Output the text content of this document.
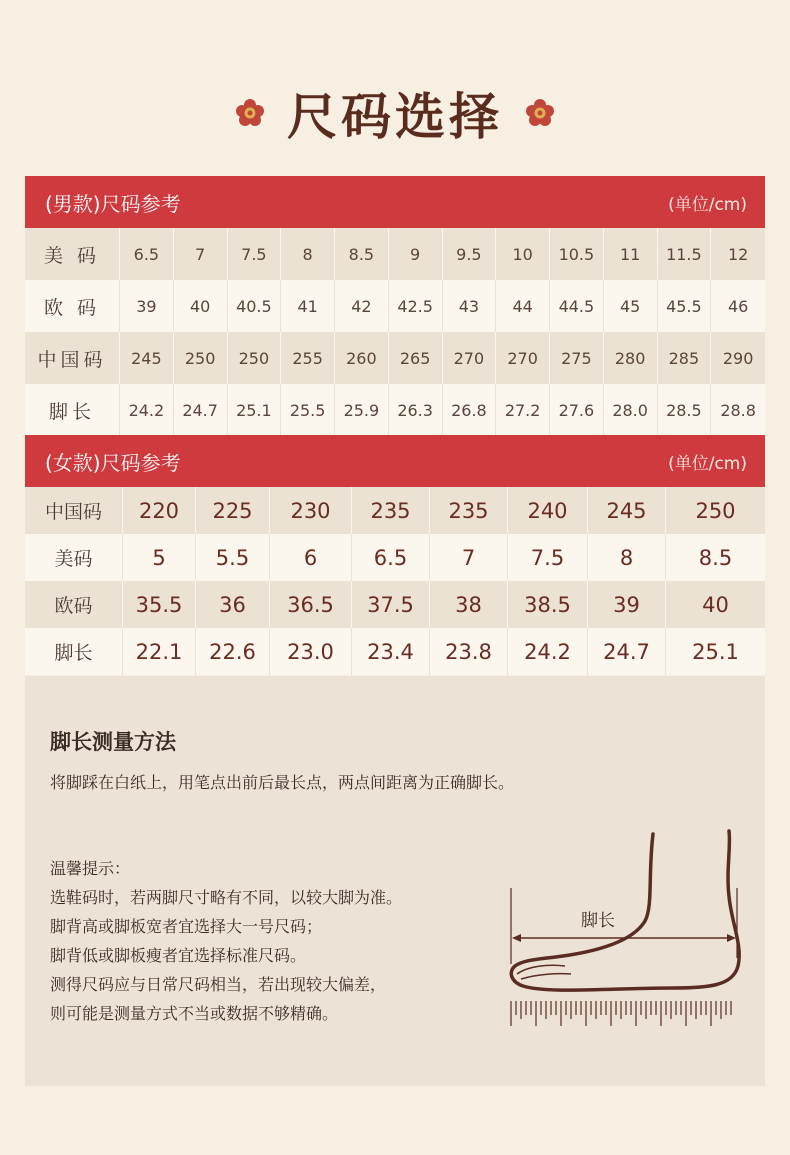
尺码选择
(男款)尺码参考	(单位/cm)
美 码	6.5	7	7.5	8	8.5	9	9.5	10	10.5	11	11.5	12
欧 码	39	40	40.5	41	42	42.5	43	44	44.5	45	45.5	46
中国码	245	250	250	255	260	265	270	270	275	280	285	290
脚长	24.2	24.7	25.1	25.5	25.9	26.3	26.8	27.2	27.6	28.0	28.5	28.8
(女款)尺码参考	(单位/cm)
中国码	220	225	230	235	235	240	245	250
美码	5	5.5	6	6.5	7	7.5	8	8.5
欧码	35.5	36	36.5	37.5	38	38.5	39	40
脚长	22.1	22.6	23.0	23.4	23.8	24.2	24.7	25.1
脚长测量方法
将脚踩在白纸上，用笔点出前后最长点，两点间距离为正确脚长。
温馨提示：
选鞋码时，若两脚尺寸略有不同，以较大脚为准。
脚背高或脚板宽者宜选择大一号尺码；
脚背低或脚板瘦者宜选择标准尺码。
测得尺码应与日常尺码相当，若出现较大偏差，
则可能是测量方式不当或数据不够精确。
脚长
